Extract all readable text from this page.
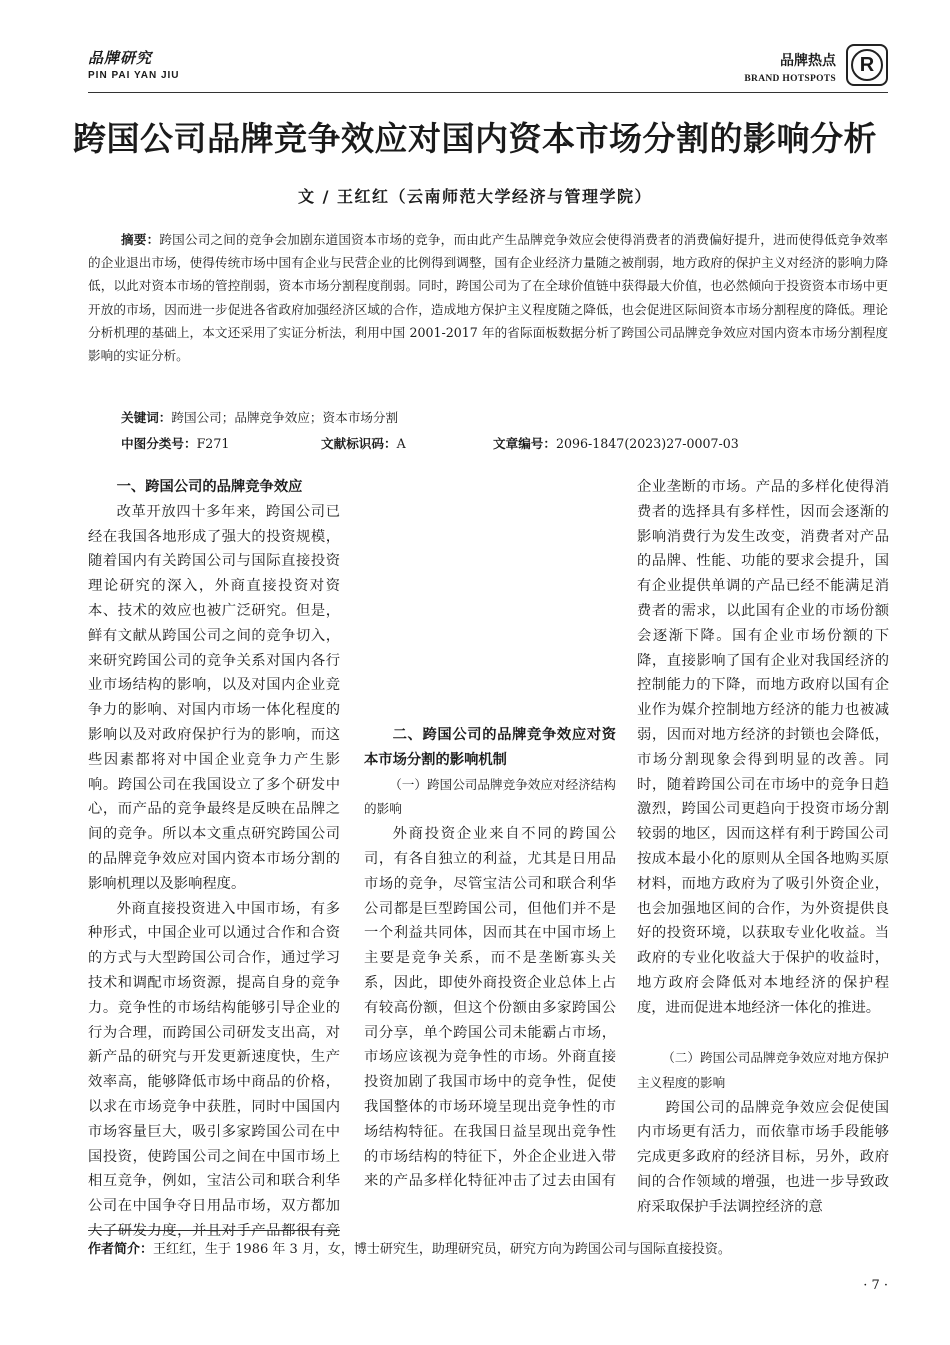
品牌研究
PIN PAI YAN JIU
品牌热点
BRAND HOTSPOTS
R
跨国公司品牌竞争效应对国内资本市场分割的影响分析
文 / 王红红（云南师范大学经济与管理学院）
摘要：跨国公司之间的竞争会加剧东道国资本市场的竞争，而由此产生品牌竞争效应会使得消费者的消费偏好提升，进而使得低竞争效率的企业退出市场，使得传统市场中国有企业与民营企业的比例得到调整，国有企业经济力量随之被削弱，地方政府的保护主义对经济的影响力降低，以此对资本市场的管控削弱，资本市场分割程度削弱。同时，跨国公司为了在全球价值链中获得最大价值，也必然倾向于投资资本市场中更开放的市场，因而进一步促进各省政府加强经济区域的合作，造成地方保护主义程度随之降低，也会促进区际间资本市场分割程度的降低。理论分析机理的基础上，本文还采用了实证分析法，利用中国 2001-2017 年的省际面板数据分析了跨国公司品牌竞争效应对国内资本市场分割程度影响的实证分析。
关键词：跨国公司；品牌竞争效应；资本市场分割
中图分类号：F271	文献标识码：A	文章编号：2096-1847(2023)27-0007-03
一、跨国公司的品牌竞争效应

改革开放四十多年来，跨国公司已经在我国各地形成了强大的投资规模，随着国内有关跨国公司与国际直接投资理论研究的深入，外商直接投资对资本、技术的效应也被广泛研究。但是，鲜有文献从跨国公司之间的竞争切入，来研究跨国公司的竞争关系对国内各行业市场结构的影响，以及对国内企业竞争力的影响、对国内市场一体化程度的影响以及对政府保护行为的影响，而这些因素都将对中国企业竞争力产生影响。跨国公司在我国设立了多个研发中心，而产品的竞争最终是反映在品牌之间的竞争。所以本文重点研究跨国公司的品牌竞争效应对国内资本市场分割的影响机理以及影响程度。

外商直接投资进入中国市场，有多种形式，中国企业可以通过合作和合资的方式与大型跨国公司合作，通过学习技术和调配市场资源，提高自身的竞争力。竞争性的市场结构能够引导企业的行为合理，而跨国公司研发支出高，对新产品的研究与开发更新速度快，生产效率高，能够降低市场中商品的价格，以求在市场竞争中获胜，同时中国国内市场容量巨大，吸引多家跨国公司在中国投资，使跨国公司之间在中国市场上相互竞争，例如，宝洁公司和联合利华公司在中国争夺日用品市场，双方都加大了研发力度，并且对手产品都很有竞

二、跨国公司的品牌竞争效应对资本市场分割的影响机制
（一）跨国公司品牌竞争效应对经济结构的影响

外商投资企业来自不同的跨国公司，有各自独立的利益，尤其是日用品市场的竞争，尽管宝洁公司和联合利华公司都是巨型跨国公司，但他们并不是一个利益共同体，因而其在中国市场上主要是竞争关系，而不是垄断寡头关系，因此，即使外商投资企业总体上占有较高份额，但这个份额由多家跨国公司分享，单个跨国公司未能霸占市场，市场应该视为竞争性的市场。外商直接投资加剧了我国市场中的竞争性，促使我国整体的市场环境呈现出竞争性的市场结构特征。在我国日益呈现出竞争性的市场结构的特征下，外企企业进入带来的产品多样化特征冲击了过去由国有

企业垄断的市场。产品的多样化使得消费者的选择具有多样性，因而会逐渐的影响消费行为发生改变，消费者对产品的品牌、性能、功能的要求会提升，国有企业提供单调的产品已经不能满足消费者的需求，以此国有企业的市场份额会逐渐下降。国有企业市场份额的下降，直接影响了国有企业对我国经济的控制能力的下降，而地方政府以国有企业作为媒介控制地方经济的能力也被减弱，因而对地方经济的封锁也会降低，市场分割现象会得到明显的改善。同时，随着跨国公司在市场中的竞争日趋激烈，跨国公司更趋向于投资市场分割较弱的地区，因而这样有利于跨国公司按成本最小化的原则从全国各地购买原材料，而地方政府为了吸引外资企业，也会加强地区间的合作，为外资提供良好的投资环境，以获取专业化收益。当政府的专业化收益大于保护的收益时，地方政府会降低对本地经济的保护程度，进而促进本地经济一体化的推进。

（二）跨国公司品牌竞争效应对地方保护主义程度的影响

跨国公司的品牌竞争效应会促使国内市场更有活力，而依靠市场手段能够完成更多政府的经济目标，另外，政府间的合作领域的增强，也进一步导致政府采取保护手法调控经济的意

作者简介：王红红，生于 1986 年 3 月，女，博士研究生，助理研究员，研究方向为跨国公司与国际直接投资。
· 7 ·
